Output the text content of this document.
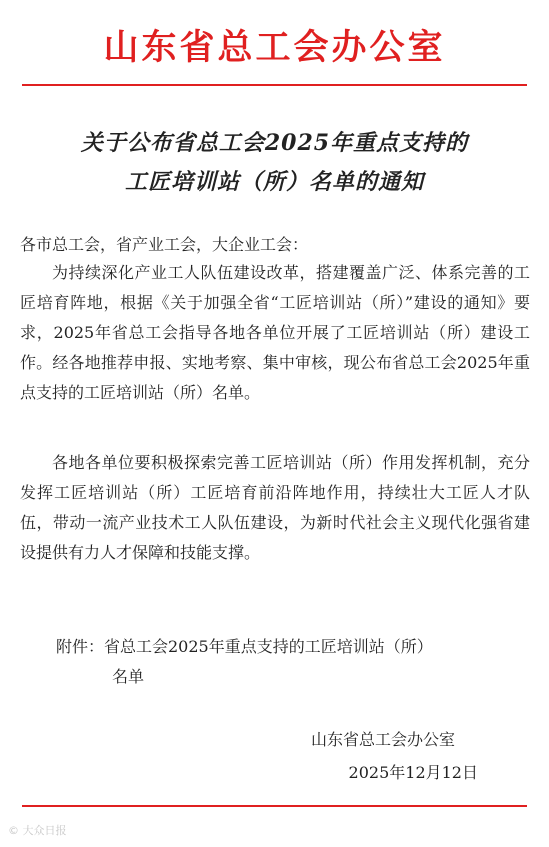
山东省总工会办公室
关于公布省总工会2025年重点支持的
工匠培训站（所）名单的通知
各市总工会，省产业工会，大企业工会：
为持续深化产业工人队伍建设改革，搭建覆盖广泛、体系完善的工匠培育阵地，根据《关于加强全省“工匠培训站（所）”建设的通知》要求，2025年省总工会指导各地各单位开展了工匠培训站（所）建设工作。经各地推荐申报、实地考察、集中审核，现公布省总工会2025年重点支持的工匠培训站（所）名单。
各地各单位要积极探索完善工匠培训站（所）作用发挥机制，充分发挥工匠培训站（所）工匠培育前沿阵地作用，持续壮大工匠人才队伍，带动一流产业技术工人队伍建设，为新时代社会主义现代化强省建设提供有力人才保障和技能支撑。
附件：省总工会2025年重点支持的工匠培训站（所）
名单
山东省总工会办公室
2025年12月12日
© 大众日报
